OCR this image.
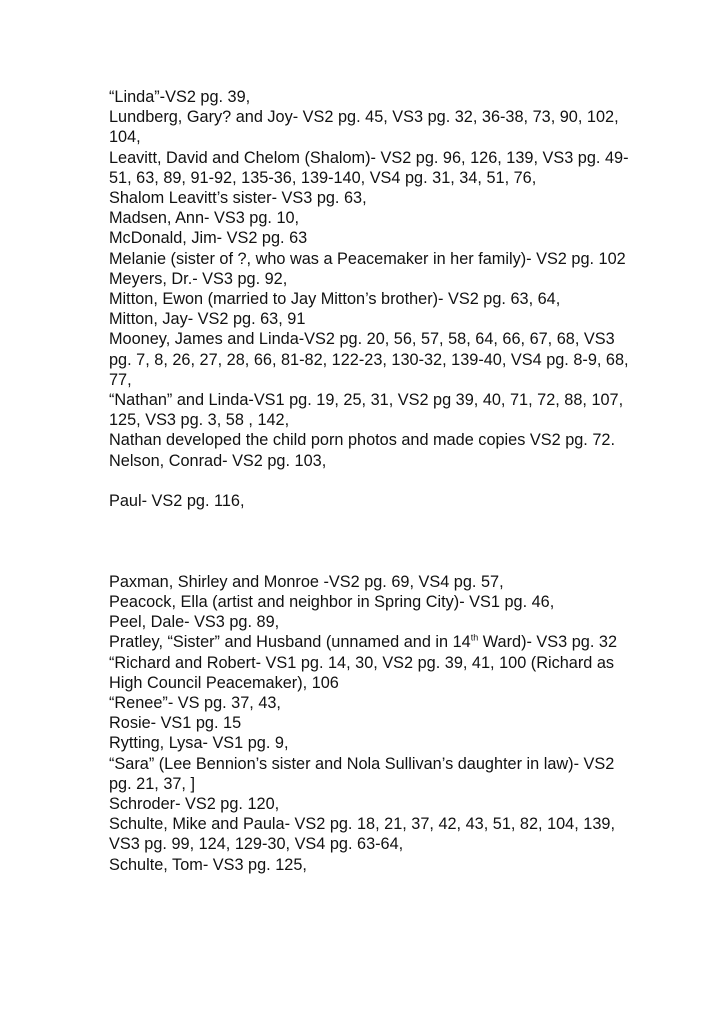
“Linda”-VS2 pg. 39,

Lundberg, Gary? and Joy- VS2 pg. 45, VS3 pg. 32, 36-38, 73, 90, 102, 104,

Leavitt, David and Chelom (Shalom)- VS2 pg. 96, 126, 139, VS3 pg. 49-51, 63, 89, 91-92, 135-36, 139-140, VS4 pg. 31, 34, 51, 76,

Shalom Leavitt’s sister- VS3 pg. 63,

Madsen, Ann- VS3 pg. 10,

McDonald, Jim- VS2 pg. 63

Melanie (sister of ?, who was a Peacemaker in her family)- VS2 pg. 102

Meyers, Dr.- VS3 pg. 92,

Mitton, Ewon (married to Jay Mitton’s brother)- VS2 pg. 63, 64,

Mitton, Jay- VS2 pg. 63, 91

Mooney, James and Linda-VS2 pg. 20, 56, 57, 58, 64, 66, 67, 68, VS3 pg. 7, 8, 26, 27, 28, 66, 81-82, 122-23, 130-32, 139-40, VS4 pg. 8-9, 68, 77,

“Nathan” and Linda-VS1 pg. 19, 25, 31, VS2 pg 39, 40, 71, 72, 88, 107, 125, VS3 pg. 3, 58 , 142,

Nathan developed the child porn photos and made copies VS2 pg. 72.

Nelson, Conrad- VS2 pg. 103,

Paul- VS2 pg. 116,

Paxman, Shirley and Monroe -VS2 pg. 69, VS4 pg. 57,

Peacock, Ella (artist and neighbor in Spring City)- VS1 pg. 46,

Peel, Dale- VS3 pg. 89,

Pratley, “Sister” and Husband (unnamed and in 14th Ward)- VS3 pg. 32

“Richard and Robert- VS1 pg. 14, 30, VS2 pg. 39, 41, 100 (Richard as High Council Peacemaker), 106

“Renee”- VS pg. 37, 43,

Rosie- VS1 pg. 15

Rytting, Lysa- VS1 pg. 9,

“Sara” (Lee Bennion’s sister and Nola Sullivan’s daughter in law)- VS2 pg. 21, 37, ]

Schroder- VS2 pg. 120,

Schulte, Mike and Paula- VS2 pg. 18, 21, 37, 42, 43, 51, 82, 104, 139, VS3 pg. 99, 124, 129-30, VS4 pg. 63-64,

Schulte, Tom- VS3 pg. 125,
